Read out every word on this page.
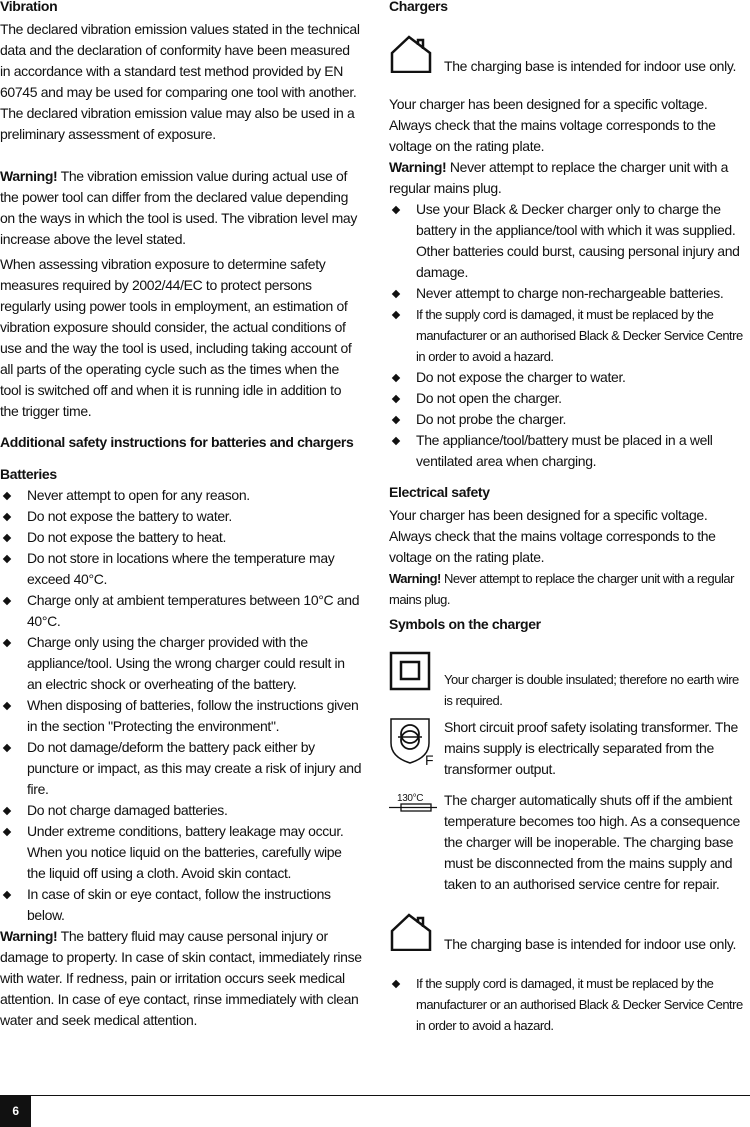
Vibration

The declared vibration emission values stated in the technical data and the declaration of conformity have been measured in accordance with a standard test method provided by EN 60745 and may be used for comparing one tool with another. The declared vibration emission value may also be used in a preliminary assessment of exposure.

Warning! The vibration emission value during actual use of the power tool can differ from the declared value depending on the ways in which the tool is used. The vibration level may increase above the level stated.

When assessing vibration exposure to determine safety measures required by 2002/44/EC to protect persons regularly using power tools in employment, an estimation of vibration exposure should consider, the actual conditions of use and the way the tool is used, including taking account of all parts of the operating cycle such as the times when the tool is switched off and when it is running idle in addition to the trigger time.

Additional safety instructions for batteries and chargers
Batteries
Never attempt to open for any reason.
Do not expose the battery to water.
Do not expose the battery to heat.
Do not store in locations where the temperature may exceed 40°C.
Charge only at ambient temperatures between 10°C and 40°C.
Charge only using the charger provided with the appliance/tool. Using the wrong charger could result in an electric shock or overheating of the battery.
When disposing of batteries, follow the instructions given in the section "Protecting the environment".
Do not damage/deform the battery pack either by puncture or impact, as this may create a risk of injury and fire.
Do not charge damaged batteries.
Under extreme conditions, battery leakage may occur. When you notice liquid on the batteries, carefully wipe the liquid off using a cloth. Avoid skin contact.
In case of skin or eye contact, follow the instructions below.

Warning! The battery fluid may cause personal injury or damage to property. In case of skin contact, immediately rinse with water. If redness, pain or irritation occurs seek medical attention. In case of eye contact, rinse immediately with clean water and seek medical attention.

Chargers
The charging base is intended for indoor use only.

Your charger has been designed for a specific voltage. Always check that the mains voltage corresponds to the voltage on the rating plate.

Warning! Never attempt to replace the charger unit with a regular mains plug.

Use your Black & Decker charger only to charge the battery in the appliance/tool with which it was supplied. Other batteries could burst, causing personal injury and damage.
Never attempt to charge non-rechargeable batteries.
If the supply cord is damaged, it must be replaced by the manufacturer or an authorised Black & Decker Service Centre in order to avoid a hazard.
Do not expose the charger to water.
Do not open the charger.
Do not probe the charger.
The appliance/tool/battery must be placed in a well ventilated area when charging.
Electrical safety

Your charger has been designed for a specific voltage. Always check that the mains voltage corresponds to the voltage on the rating plate.

Warning! Never attempt to replace the charger unit with a regular mains plug.

Symbols on the charger
Your charger is double insulated; therefore no earth wire is required.
F
Short circuit proof safety isolating transformer. The mains supply is electrically separated from the transformer output.
130°C The charger automatically shuts off if the ambient temperature becomes too high. As a consequence the charger will be inoperable. The charging base must be disconnected from the mains supply and taken to an authorised service centre for repair.
The charging base is intended for indoor use only.
If the supply cord is damaged, it must be replaced by the manufacturer or an authorised Black & Decker Service Centre in order to avoid a hazard.
6
